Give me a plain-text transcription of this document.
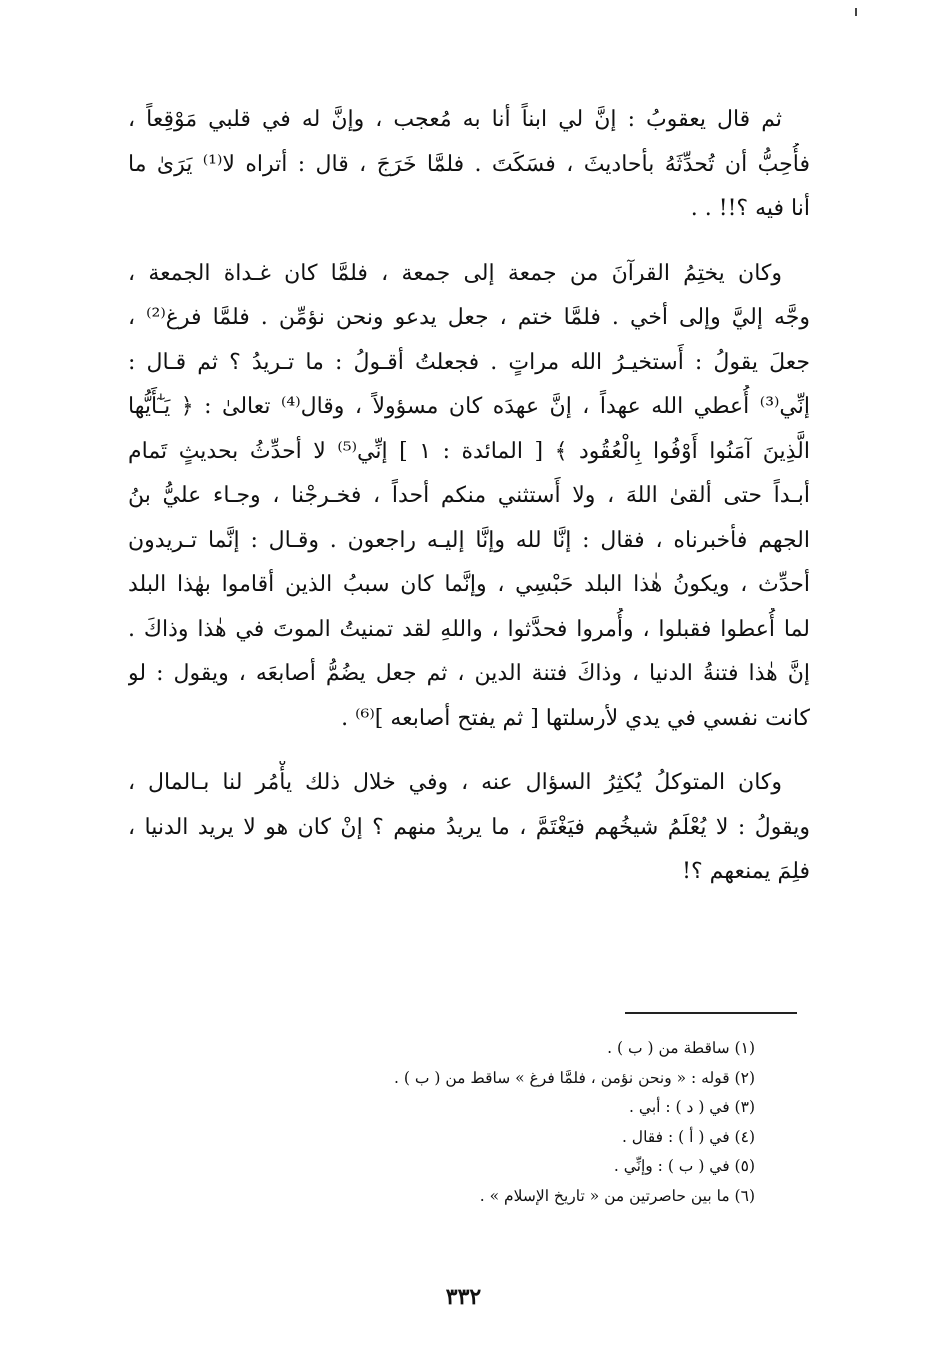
ثم قال يعقوبُ : إنَّ لي ابناً أنا به مُعجب ، وإنَّ له في قلبي مَوْقِعاً ،
فأُحِبُّ أن تُحدِّثَهُ بأحاديثَ ، فسَكَتَ . فلمَّا خَرَجَ ، قال : أتراه لا⁽¹⁾ يَرَىٰ ما
أنا فيه ؟!! . .

وكان يختِمُ القرآنَ من جمعة إلى جمعة ، فلمَّا كان غـداة الجمعة ،
وجَّه إليَّ وإلى أخي . فلمَّا ختم ، جعل يدعو ونحن نؤمِّن . فلمَّا فرغ⁽²⁾ ،
جعلَ يقولُ : أَستخيـرُ الله مراتٍ . فجعلتُ أقـولُ : ما تـريدُ ؟ ثم قـال :
إنِّي⁽³⁾ أُعطي الله عهداً ، إنَّ عهدَه كان مسؤولاً ، وقال⁽⁴⁾ تعالىٰ : ﴿ يَـٰٓأَيُّها
الَّذِينَ آمَنُوا أَوْفُوا بِالْعُقُود ﴾ [ المائدة : ١ ] إنِّي⁽⁵⁾ لا أحدِّثُ بحديثٍ تَمام
أبـداً حتى ألقىٰ اللهَ ، ولا أَستثني منكم أحداً ، فخـرجْنا ، وجـاء عليُّ بنُ
الجهم فأخبرناه ، فقال : إنَّا لله وإنَّا إليـه راجعون . وقـال : إنَّما تـريدون
أحدِّث ، ويكونُ هٰذا البلد حَبْسِي ، وإنَّما كان سببُ الذين أقاموا بهٰذا البلد
لما أُعطوا فقبلوا ، وأُمروا فحدَّثوا ، واللهِ لقد تمنيتُ الموتَ في هٰذا وذاكَ .
إنَّ هٰذا فتنةُ الدنيا ، وذاكَ فتنة الدين ، ثم جعل يضُمُّ أصابعَه ، ويقول : لو
كانت نفسي في يدي لأرسلتها [ ثم يفتح أصابعه ]⁽⁶⁾ .

وكان المتوكلُ يُكثِرُ السؤال عنه ، وفي خلال ذلك يأْمُر لنا بـالمال ،
ويقولُ : لا يُعْلَمُ شيخُهم فيَغْتَمَّ ، ما يريدُ منهم ؟ إنْ كان هو لا يريد الدنيا ،
فلِمَ يمنعهم ؟!

(١) ساقطة من ( ب ) .
(٢) قوله : « ونحن نؤمن ، فلمَّا فرغ » ساقط من ( ب ) .
(٣) في ( د ) : أبي .
(٤) في ( أ ) : فقال .
(٥) في ( ب ) : وإنِّي .
(٦) ما بين حاصرتين من « تاريخ الإسلام » .
٣٣٢
